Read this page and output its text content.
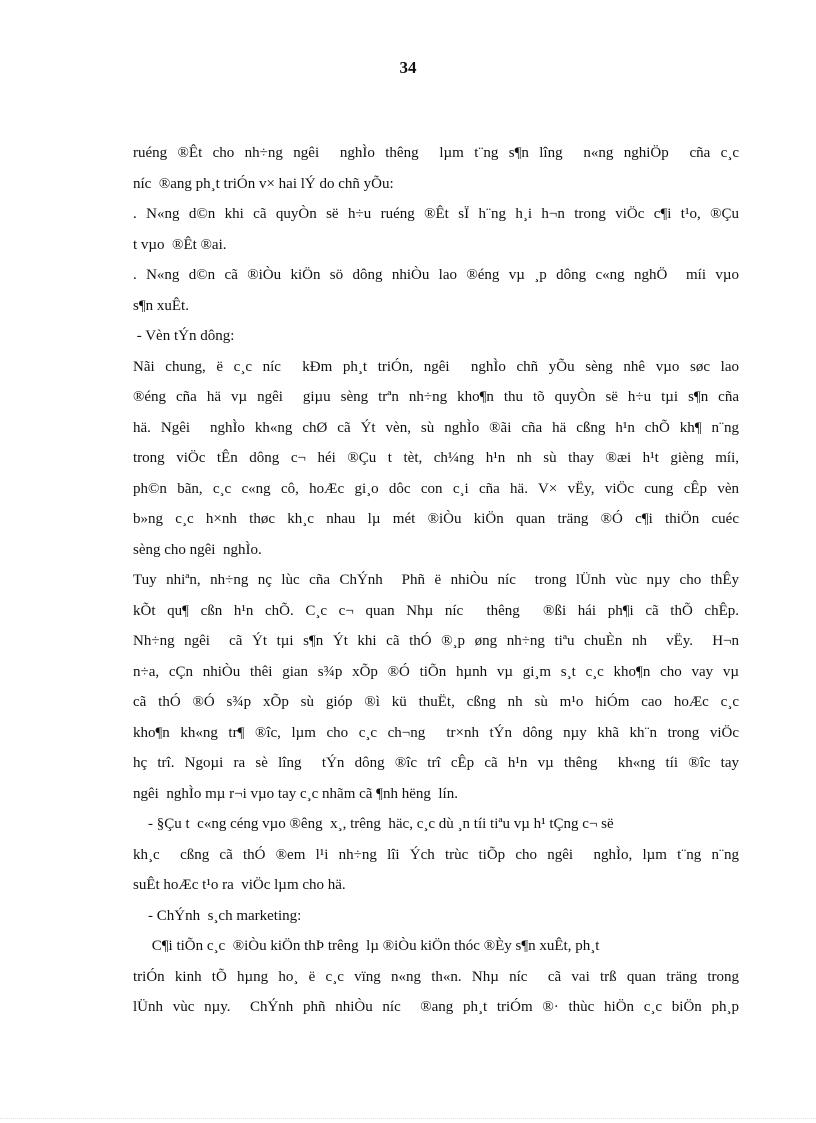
34
ruéng ®Êt cho nh÷ng ngêi  nghÌo thêng  lµm t¨ng s¶n lîng  n«ng nghiÖp  cña c¸c
níc  ®ang ph¸t triÓn v× hai lÝ do chñ yÕu:
. N«ng d©n khi cã quyÒn së h÷u ruéng ®Êt sÏ h¨ng h¸i h¬n trong viÖc c¶i t¹o, ®Çu
t vµo  ®Êt ®ai.
. N«ng d©n cã ®iÒu kiÖn sö dông nhiÒu lao ®éng vµ ¸p dông c«ng nghÖ  míi vµo
s¶n xuÊt.
- Vèn tÝn dông:
Nãi chung, ë c¸c níc  kÐm ph¸t triÓn, ngêi  nghÌo chñ yÕu sèng nhê vµo søc lao
®éng cña hä vµ ngêi  giµu sèng trªn nh÷ng kho¶n thu tõ quyÒn së h÷u tµi s¶n cña
hä. Ngêi  nghÌo kh«ng chØ cã Ýt vèn, sù nghÌo ®ãi cña hä cßng h¹n chÕ kh¶ n¨ng
trong viÖc tÊn dông c¬ héi ®Çu t tèt, ch¼ng h¹n nh sù thay ®æi h¹t gièng míi,
ph©n bãn, c¸c c«ng cô, hoÆc gi¸o dôc con c¸i cña hä. V× vËy, viÖc cung cÊp vèn
b»ng c¸c h×nh thøc kh¸c nhau lµ mét ®iÒu kiÖn quan träng ®Ó c¶i thiÖn cuéc
sèng cho ngêi  nghÌo.
Tuy nhiªn, nh÷ng nç lùc cña ChÝnh  Phñ ë nhiÒu níc  trong lÜnh vùc nµy cho thÊy
kÕt qu¶ cßn h¹n chÕ. C¸c c¬ quan Nhµ níc  thêng  ®ßi hái ph¶i cã thÕ chÊp.
Nh÷ng ngêi  cã Ýt tµi s¶n Ýt khi cã thÓ ®¸p øng nh÷ng tiªu chuÈn nh  vËy.  H¬n
n÷a, cÇn nhiÒu thêi gian s¾p xÕp ®Ó tiÕn hµnh vµ gi¸m s¸t c¸c kho¶n cho vay vµ
cã thÓ ®Ó s¾p xÕp sù gióp ®ì kü thuËt, cßng nh sù m¹o hiÓm cao hoÆc c¸c
kho¶n kh«ng tr¶ ®îc, lµm cho c¸c ch¬ng  tr×nh tÝn dông nµy khã kh¨n trong viÖc
hç trî. Ngoµi ra sè lîng  tÝn dông ®îc trî cÊp cã h¹n vµ thêng  kh«ng tíi ®îc tay
ngêi  nghÌo mµ r¬i vµo tay c¸c nhãm cã ¶nh hëng  lín.
- §Çu t  c«ng céng vµo ®êng  x¸, trêng  häc, c¸c dù ¸n tíi tiªu vµ h¹ tÇng c¬ së
kh¸c  cßng cã thÓ ®em l¹i nh÷ng lîi Ých trùc tiÕp cho ngêi  nghÌo, lµm t¨ng n¨ng
suÊt hoÆc t¹o ra  viÖc lµm cho hä.
- ChÝnh  s¸ch marketing:
C¶i tiÕn c¸c  ®iÒu kiÖn thÞ trêng  lµ ®iÒu kiÖn thóc ®Èy s¶n xuÊt, ph¸t
triÓn kinh tÕ hµng ho¸ ë c¸c vïng n«ng th«n. Nhµ níc  cã vai trß quan träng trong
lÜnh vùc nµy.  ChÝnh phñ nhiÒu níc  ®ang ph¸t triÓm ®· thùc hiÖn c¸c biÖn ph¸p
